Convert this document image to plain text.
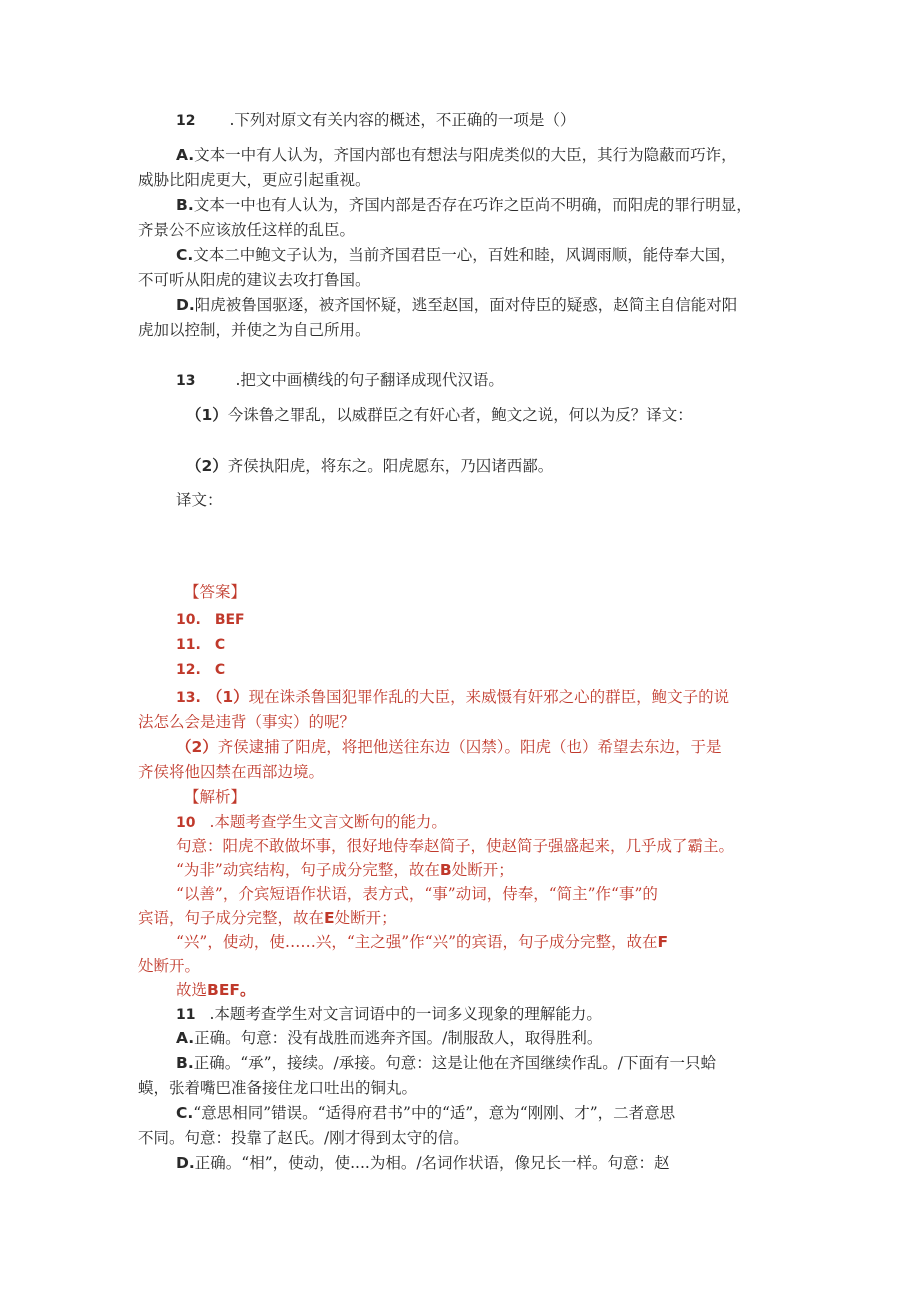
12 .下列对原文有关内容的概述，不正确的一项是（）
A.文本一中有人认为，齐国内部也有想法与阳虎类似的大臣，其行为隐蔽而巧诈，
威胁比阳虎更大，更应引起重视。
B.文本一中也有人认为，齐国内部是否存在巧诈之臣尚不明确，而阳虎的罪行明显，
齐景公不应该放任这样的乱臣。
C.文本二中鲍文子认为，当前齐国君臣一心，百姓和睦，风调雨顺，能侍奉大国，
不可听从阳虎的建议去攻打鲁国。
D.阳虎被鲁国驱逐，被齐国怀疑，逃至赵国，面对侍臣的疑惑，赵简主自信能对阳
虎加以控制，并使之为自己所用。
13	.把文中画横线的句子翻译成现代汉语。
（1）今诛鲁之罪乱，以威群臣之有奸心者，鲍文之说，何以为反？译文：
（2）齐侯执阳虎，将东之。阳虎愿东，乃囚诸西鄙。
译文：
【答案】
10. BEF
11. C
12. C
13. （1）现在诛杀鲁国犯罪作乱的大臣，来威慑有奸邪之心的群臣，鲍文子的说
法怎么会是违背（事实）的呢？
（2）齐侯逮捕了阳虎，将把他送往东边（囚禁）。阳虎（也）希望去东边，于是
齐侯将他囚禁在西部边境。
【解析】
10 .本题考查学生文言文断句的能力。
句意：阳虎不敢做坏事，很好地侍奉赵简子，使赵简子强盛起来，几乎成了霸主。
“为非”动宾结构，句子成分完整，故在B处断开；
“以善”，介宾短语作状语，表方式，“事”动词，侍奉，“简主”作“事”的
宾语，句子成分完整，故在E处断开；
“兴”，使动，使……兴，“主之强”作“兴”的宾语，句子成分完整，故在F
处断开。
故选BEF。
11 .本题考查学生对文言词语中的一词多义现象的理解能力。
A.正确。句意：没有战胜而逃奔齐国。/制服敌人，取得胜利。
B.正确。“承”，接续。/承接。句意：这是让他在齐国继续作乱。/下面有一只蛤
蟆，张着嘴巴准备接住龙口吐出的铜丸。
C.“意思相同”错误。“适得府君书”中的“适”，意为“刚刚、才”，二者意思
不同。句意：投靠了赵氏。/刚才得到太守的信。
D.正确。“相”，使动，使....为相。/名词作状语，像兄长一样。句意：赵
